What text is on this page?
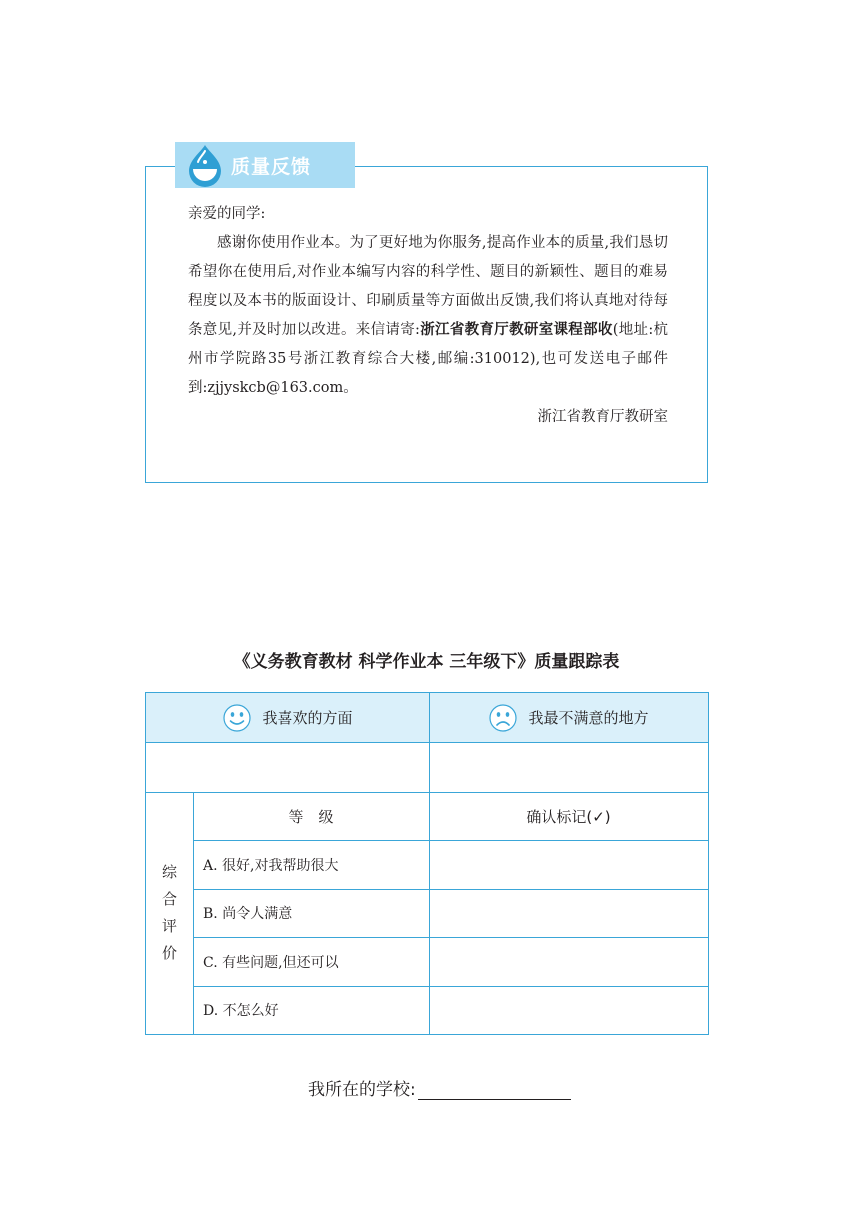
质量反馈

亲爱的同学:

感谢你使用作业本。为了更好地为你服务,提高作业本的质量,我们恳切希望你在使用后,对作业本编写内容的科学性、题目的新颖性、题目的难易程度以及本书的版面设计、印刷质量等方面做出反馈,我们将认真地对待每条意见,并及时加以改进。来信请寄:浙江省教育厅教研室课程部收(地址:杭州市学院路35号浙江教育综合大楼,邮编:310012),也可发送电子邮件到:zjjyskcb@163.com。

浙江省教育厅教研室

《义务教育教材 科学作业本 三年级下》质量跟踪表
我喜欢的方面	我最不满意的地方
综
合
评
价
等　级	确认标记(✓)
A. 很好,对我帮助很大
B. 尚令人满意
C. 有些问题,但还可以
D. 不怎么好
我所在的学校:
